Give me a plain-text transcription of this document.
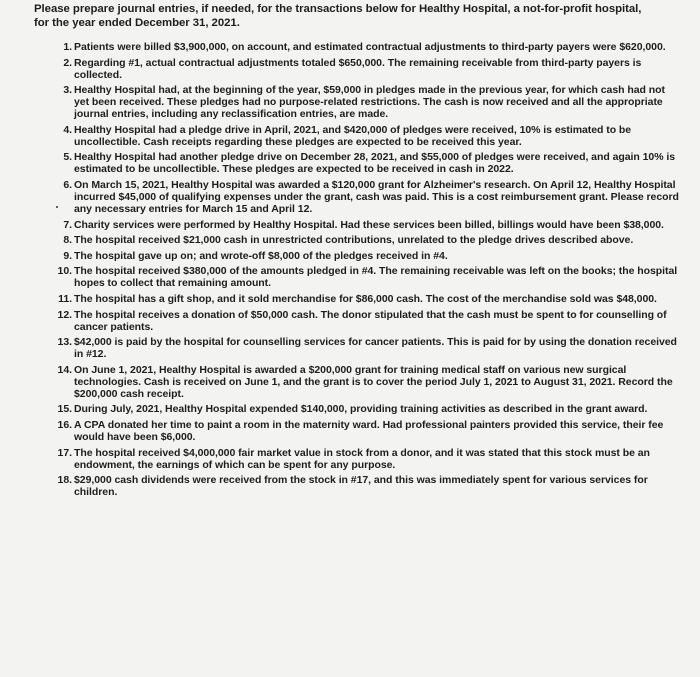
Please prepare journal entries, if needed, for the transactions below for Healthy Hospital, a not-for-profit hospital, for the year ended December 31, 2021.

1. Patients were billed $3,900,000, on account, and estimated contractual adjustments to third-party payers were $620,000.
2. Regarding #1, actual contractual adjustments totaled $650,000. The remaining receivable from third-party payers is collected.
3. Healthy Hospital had, at the beginning of the year, $59,000 in pledges made in the previous year, for which cash had not yet been received. These pledges had no purpose-related restrictions. The cash is now received and all the appropriate journal entries, including any reclassification entries, are made.
4. Healthy Hospital had a pledge drive in April, 2021, and $420,000 of pledges were received, 10% is estimated to be uncollectible. Cash receipts regarding these pledges are expected to be received this year.
5. Healthy Hospital had another pledge drive on December 28, 2021, and $55,000 of pledges were received, and again 10% is estimated to be uncollectible. These pledges are expected to be received in cash in 2022.
6. On March 15, 2021, Healthy Hospital was awarded a $120,000 grant for Alzheimer's research. On April 12, Healthy Hospital incurred $45,000 of qualifying expenses under the grant, cash was paid. This is a cost reimbursement grant. Please record any necessary entries for March 15 and April 12.
7. Charity services were performed by Healthy Hospital. Had these services been billed, billings would have been $38,000.
8. The hospital received $21,000 cash in unrestricted contributions, unrelated to the pledge drives described above.
9. The hospital gave up on; and wrote-off $8,000 of the pledges received in #4.
10. The hospital received $380,000 of the amounts pledged in #4. The remaining receivable was left on the books; the hospital hopes to collect that remaining amount.
11. The hospital has a gift shop, and it sold merchandise for $86,000 cash. The cost of the merchandise sold was $48,000.
12. The hospital receives a donation of $50,000 cash. The donor stipulated that the cash must be spent to for counselling of cancer patients.
13. $42,000 is paid by the hospital for counselling services for cancer patients. This is paid for by using the donation received in #12.
14. On June 1, 2021, Healthy Hospital is awarded a $200,000 grant for training medical staff on various new surgical technologies. Cash is received on June 1, and the grant is to cover the period July 1, 2021 to August 31, 2021. Record the $200,000 cash receipt.
15. During July, 2021, Healthy Hospital expended $140,000, providing training activities as described in the grant award.
16. A CPA donated her time to paint a room in the maternity ward. Had professional painters provided this service, their fee would have been $6,000.
17. The hospital received $4,000,000 fair market value in stock from a donor, and it was stated that this stock must be an endowment, the earnings of which can be spent for any purpose.
18. $29,000 cash dividends were received from the stock in #17, and this was immediately spent for various services for children.
